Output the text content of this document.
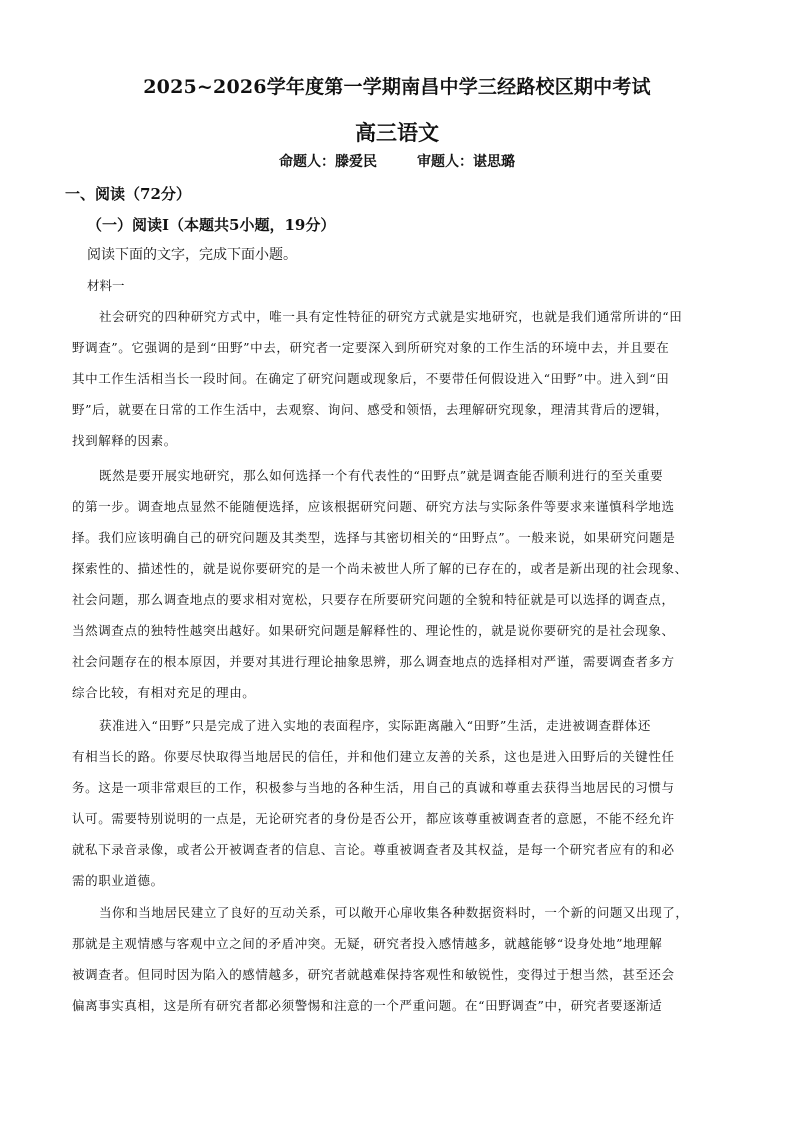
2025~2026学年度第一学期南昌中学三经路校区期中考试
高三语文
命题人：滕爱民	审题人：谌思璐
一、阅读（72分）
（一）阅读Ⅰ（本题共5小题，19分）
阅读下面的文字，完成下面小题。
材料一
社会研究的四种研究方式中，唯一具有定性特征的研究方式就是实地研究，也就是我们通常所讲的“田
野调查”。它强调的是到“田野”中去，研究者一定要深入到所研究对象的工作生活的环境中去，并且要在
其中工作生活相当长一段时间。在确定了研究问题或现象后，不要带任何假设进入“田野”中。进入到“田
野”后，就要在日常的工作生活中，去观察、询问、感受和领悟，去理解研究现象，理清其背后的逻辑，
找到解释的因素。
既然是要开展实地研究，那么如何选择一个有代表性的“田野点”就是调查能否顺利进行的至关重要
的第一步。调查地点显然不能随便选择，应该根据研究问题、研究方法与实际条件等要求来谨慎科学地选
择。我们应该明确自己的研究问题及其类型，选择与其密切相关的“田野点”。一般来说，如果研究问题是
探索性的、描述性的，就是说你要研究的是一个尚未被世人所了解的已存在的，或者是新出现的社会现象、
社会问题，那么调查地点的要求相对宽松，只要存在所要研究问题的全貌和特征就是可以选择的调查点，
当然调查点的独特性越突出越好。如果研究问题是解释性的、理论性的，就是说你要研究的是社会现象、
社会问题存在的根本原因，并要对其进行理论抽象思辨，那么调查地点的选择相对严谨，需要调查者多方
综合比较，有相对充足的理由。
获准进入“田野”只是完成了进入实地的表面程序，实际距离融入“田野”生活，走进被调查群体还
有相当长的路。你要尽快取得当地居民的信任，并和他们建立友善的关系，这也是进入田野后的关键性任
务。这是一项非常艰巨的工作，积极参与当地的各种生活，用自己的真诚和尊重去获得当地居民的习惯与
认可。需要特别说明的一点是，无论研究者的身份是否公开，都应该尊重被调查者的意愿，不能不经允许
就私下录音录像，或者公开被调查者的信息、言论。尊重被调查者及其权益，是每一个研究者应有的和必
需的职业道德。
当你和当地居民建立了良好的互动关系，可以敞开心扉收集各种数据资料时，一个新的问题又出现了，
那就是主观情感与客观中立之间的矛盾冲突。无疑，研究者投入感情越多，就越能够“设身处地”地理解
被调查者。但同时因为陷入的感情越多，研究者就越难保持客观性和敏锐性，变得过于想当然，甚至还会
偏离事实真相，这是所有研究者都必须警惕和注意的一个严重问题。在“田野调查”中，研究者要逐渐适
